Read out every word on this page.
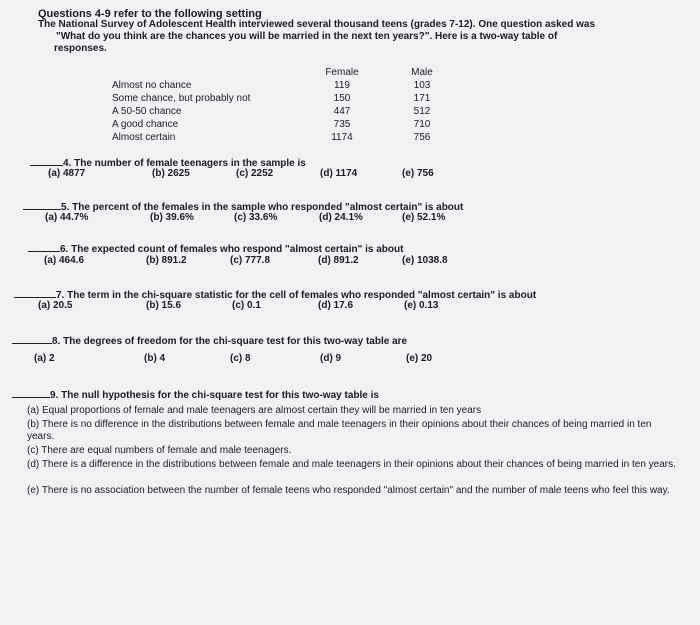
Questions 4-9 refer to the following setting
The National Survey of Adolescent Health interviewed several thousand teens (grades 7-12). One question asked was
"What do you think are the chances you will be married in the next ten years?". Here is a two-way table of
responses.
	Female		Male
Almost no chance	119		103
Some chance, but probably not	150		171
A 50-50 chance	447		512
A good chance	735		710
Almost certain	1174		756
4. The number of female teenagers in the sample is
(a) 4877	(b) 2625	(c) 2252	(d) 1174	(e) 756
5. The percent of the females in the sample who responded "almost certain" is about
(a) 44.7%	(b) 39.6%	(c) 33.6%	(d) 24.1%	(e) 52.1%
6. The expected count of females who respond "almost certain" is about
(a) 464.6	(b) 891.2	(c) 777.8	(d) 891.2	(e) 1038.8
7. The term in the chi-square statistic for the cell of females who responded "almost certain" is about
(a) 20.5	(b) 15.6	(c) 0.1	(d) 17.6	(e) 0.13
8. The degrees of freedom for the chi-square test for this two-way table are
(a) 2	(b) 4	(c) 8	(d) 9	(e) 20
9. The null hypothesis for the chi-square test for this two-way table is
(a) Equal proportions of female and male teenagers are almost certain they will be married in ten years
(b) There is no difference in the distributions between female and male teenagers in their opinions about their chances of being married in ten years.
(c) There are equal numbers of female and male teenagers.
(d) There is a difference in the distributions between female and male teenagers in their opinions about their chances of being married in ten years.
(e) There is no association between the number of female teens who responded "almost certain" and the number of male teens who feel this way.
